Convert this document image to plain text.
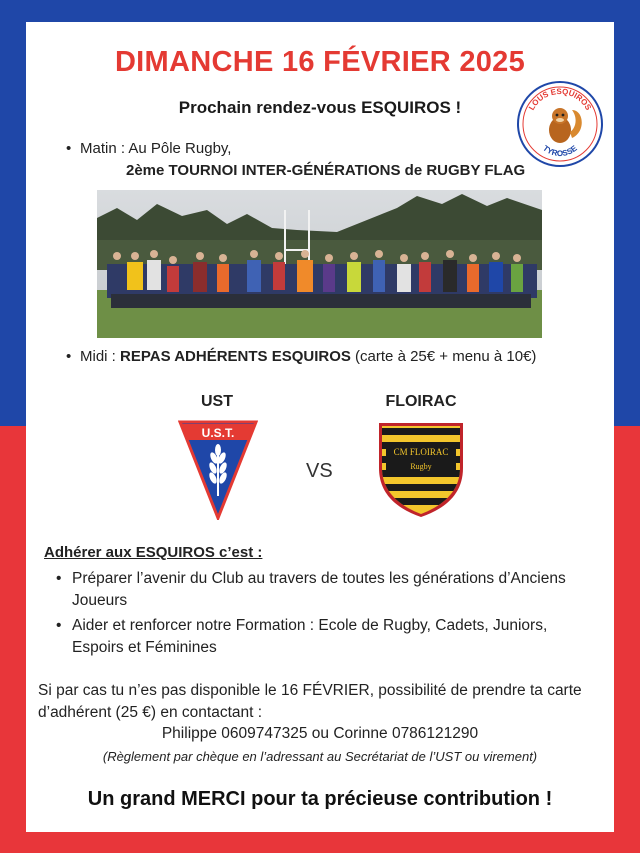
DIMANCHE 16 FÉVRIER 2025
Prochain rendez-vous ESQUIROS !	LOUS ESQUIROS
TYROSSE
• Matin : Au Pôle Rugby,
2ème TOURNOI INTER-GÉNÉRATIONS de RUGBY FLAG
• Midi : REPAS ADHÉRENTS ESQUIROS (carte à 25€ + menu à 10€)
UST	FLOIRAC
U.S.T.
VS
CM FLOIRAC
Rugby
Depuis 1922
Adhérer aux ESQUIROS c’est :
• Préparer l’avenir du Club au travers de toutes les générations d’Anciens Joueurs
• Aider et renforcer notre Formation : Ecole de Rugby, Cadets, Juniors, Espoirs et Féminines
Si par cas tu n’es pas disponible le 16 FÉVRIER, possibilité de prendre ta carte d’adhérent (25 €) en contactant :
Philippe 0609747325 ou Corinne 0786121290
(Règlement par chèque en l’adressant au Secrétariat de l’UST ou virement)
Un grand MERCI pour ta précieuse contribution !
